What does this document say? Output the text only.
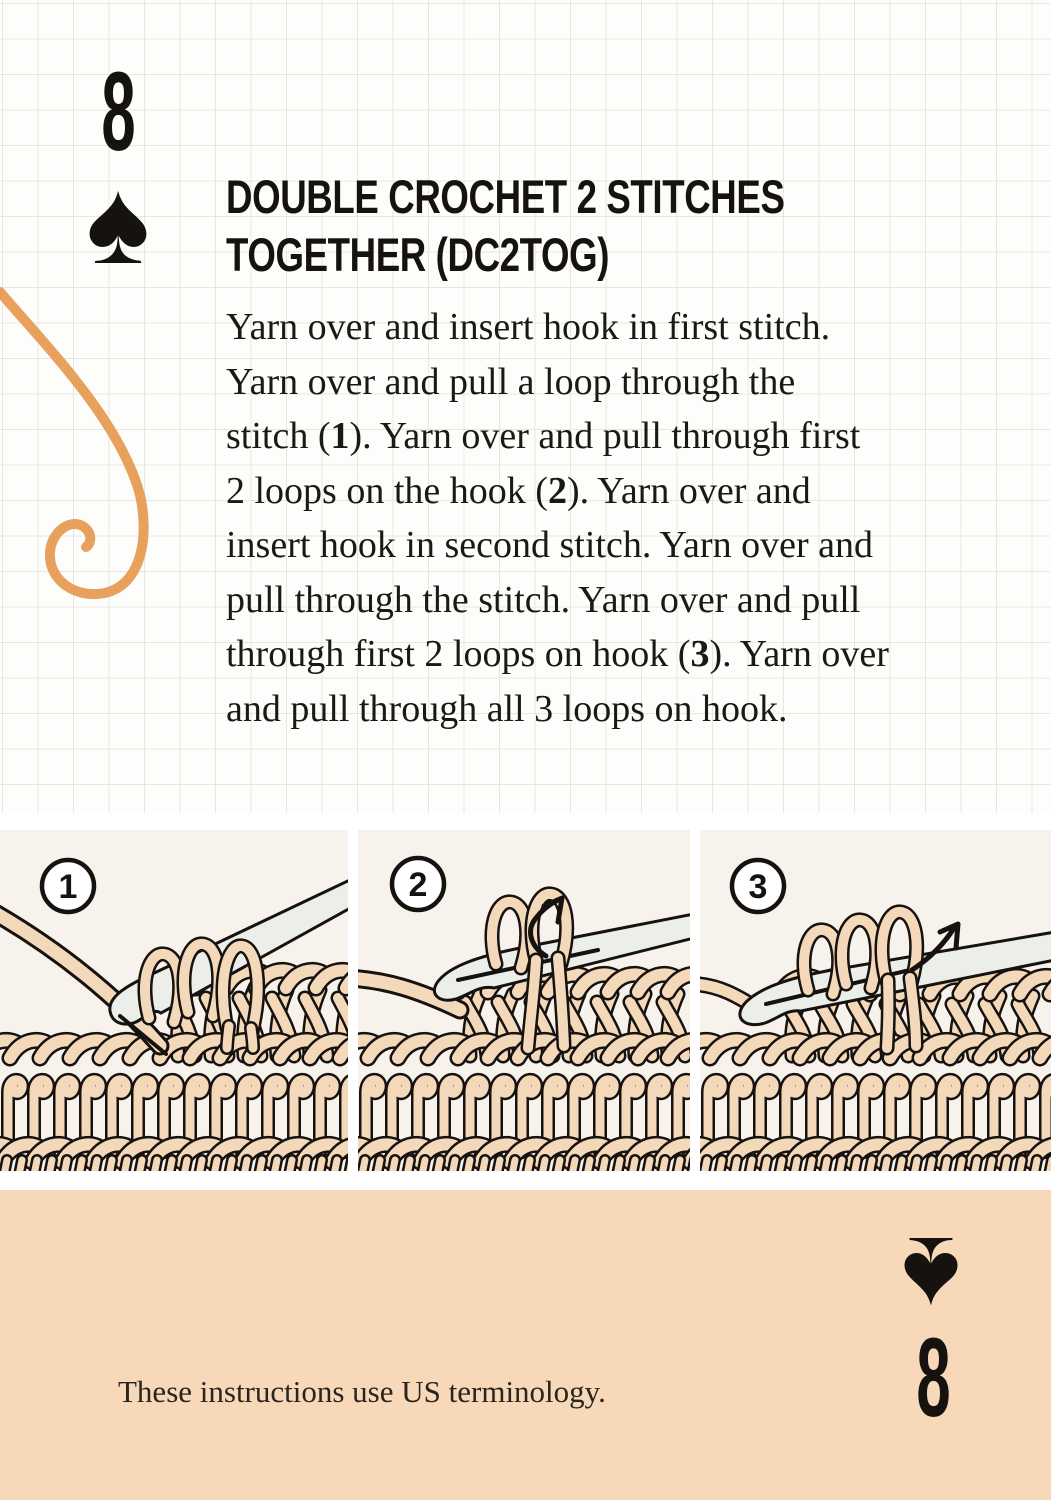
8
♠	DOUBLE CROCHET 2 STITCHES
TOGETHER (DC2TOG)
Yarn over and insert hook in first stitch.
Yarn over and pull a loop through the
stitch (1). Yarn over and pull through first
2 loops on the hook (2). Yarn over and
insert hook in second stitch. Yarn over and
pull through the stitch. Yarn over and pull
through first 2 loops on hook (3). Yarn over
and pull through all 3 loops on hook.
1	2	3
These instructions use US terminology.
♠
8
